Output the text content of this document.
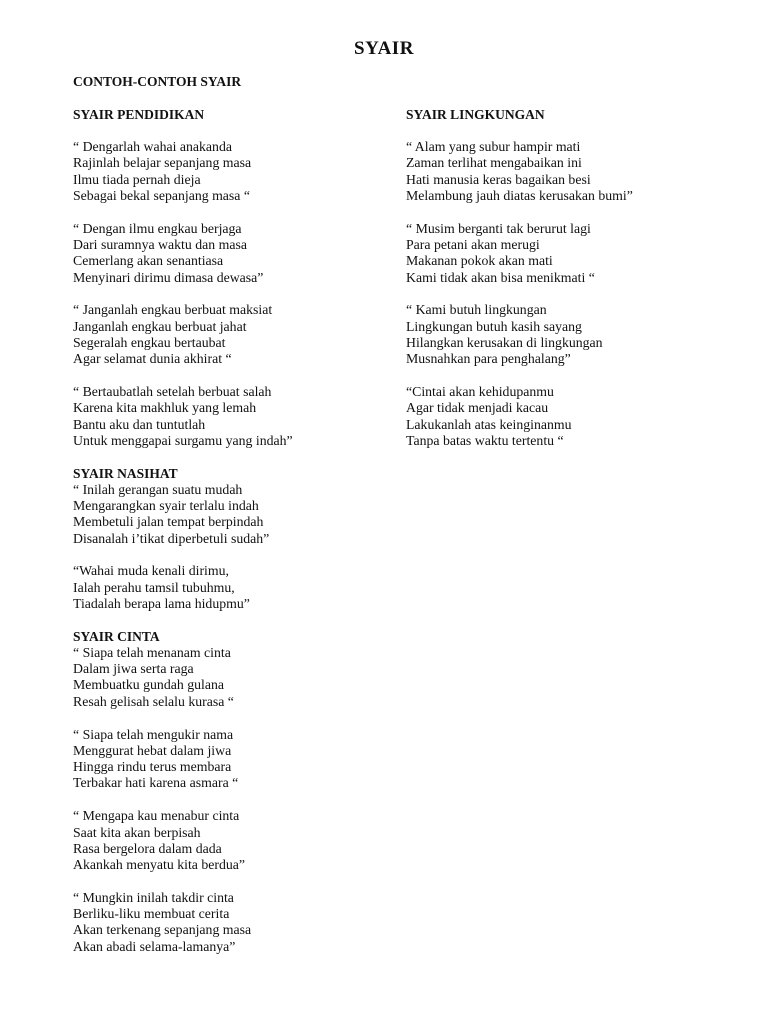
SYAIR
CONTOH-CONTOH SYAIR
SYAIR PENDIDIKAN
“ Dengarlah wahai anakanda
Rajinlah belajar sepanjang masa
Ilmu tiada pernah dieja
Sebagai bekal sepanjang masa “
“ Dengan ilmu engkau berjaga
Dari suramnya waktu dan masa
Cemerlang akan senantiasa
Menyinari dirimu dimasa dewasa”
“ Janganlah engkau berbuat maksiat
Janganlah engkau berbuat jahat
Segeralah engkau bertaubat
Agar selamat dunia akhirat “
“ Bertaubatlah setelah berbuat salah
Karena kita makhluk yang lemah
Bantu aku dan tuntutlah
Untuk menggapai surgamu yang indah”
SYAIR NASIHAT
“ Inilah gerangan suatu mudah
Mengarangkan syair terlalu indah
Membetuli jalan tempat berpindah
Disanalah i’tikat diperbetuli sudah”
“Wahai muda kenali dirimu,
Ialah perahu tamsil tubuhmu,
Tiadalah berapa lama hidupmu”
SYAIR CINTA
“ Siapa telah menanam cinta
Dalam jiwa serta raga
Membuatku gundah gulana
Resah gelisah selalu kurasa “
“ Siapa telah mengukir nama
Menggurat hebat dalam jiwa
Hingga rindu terus membara
Terbakar hati karena asmara “
“ Mengapa kau menabur cinta
Saat kita akan berpisah
Rasa bergelora dalam dada
Akankah menyatu kita berdua”
“ Mungkin inilah takdir cinta
Berliku-liku membuat cerita
Akan terkenang sepanjang masa
Akan abadi selama-lamanya”
SYAIR LINGKUNGAN
“ Alam yang subur hampir mati
Zaman terlihat mengabaikan ini
Hati manusia keras bagaikan besi
Melambung jauh diatas kerusakan bumi”
“ Musim berganti tak berurut lagi
Para petani akan merugi
Makanan pokok akan mati
Kami tidak akan bisa menikmati “
“ Kami butuh lingkungan
Lingkungan butuh kasih sayang
Hilangkan kerusakan di lingkungan
Musnahkan para penghalang”
“Cintai akan kehidupanmu
Agar tidak menjadi kacau
Lakukanlah atas keinginanmu
Tanpa batas waktu tertentu “
